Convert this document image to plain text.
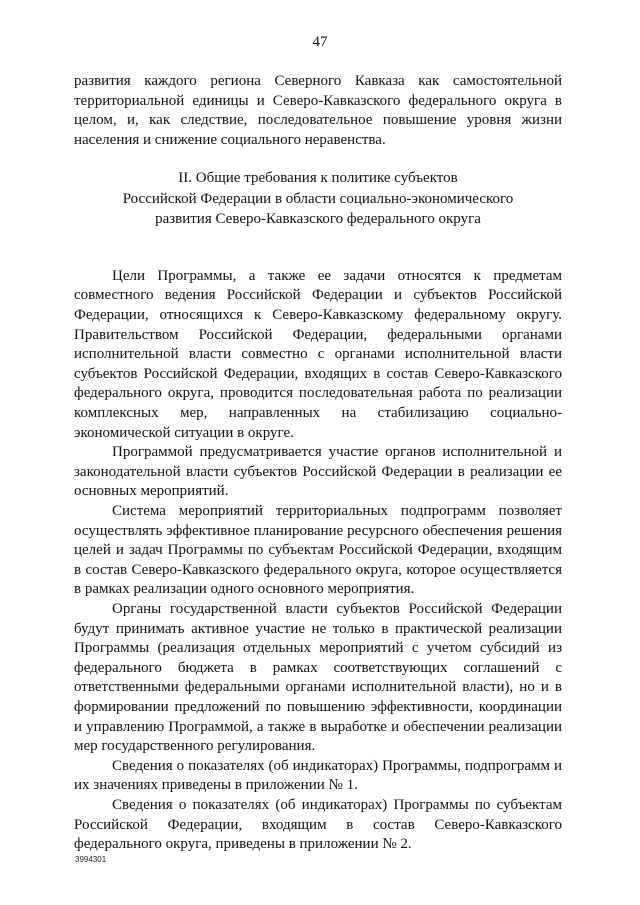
47

развития каждого региона Северного Кавказа как самостоятельной территориальной единицы и Северо-Кавказского федерального округа в целом, и, как следствие, последовательное повышение уровня жизни населения и снижение социального неравенства.

II. Общие требования к политике субъектов
Российской Федерации в области социально-экономического
развития Северо-Кавказского федерального округа

Цели Программы, а также ее задачи относятся к предметам совместного ведения Российской Федерации и субъектов Российской Федерации, относящихся к Северо-Кавказскому федеральному округу. Правительством Российской Федерации, федеральными органами исполнительной власти совместно с органами исполнительной власти субъектов Российской Федерации, входящих в состав Северо-Кавказского федерального округа, проводится последовательная работа по реализации комплексных мер, направленных на стабилизацию социально-экономической ситуации в округе.

Программой предусматривается участие органов исполнительной и законодательной власти субъектов Российской Федерации в реализации ее основных мероприятий.

Система мероприятий территориальных подпрограмм позволяет осуществлять эффективное планирование ресурсного обеспечения решения целей и задач Программы по субъектам Российской Федерации, входящим в состав Северо-Кавказского федерального округа, которое осуществляется в рамках реализации одного основного мероприятия.

Органы государственной власти субъектов Российской Федерации будут принимать активное участие не только в практической реализации Программы (реализация отдельных мероприятий с учетом субсидий из федерального бюджета в рамках соответствующих соглашений с ответственными федеральными органами исполнительной власти), но и в формировании предложений по повышению эффективности, координации и управлению Программой, а также в выработке и обеспечении реализации мер государственного регулирования.

Сведения о показателях (об индикаторах) Программы, подпрограмм и их значениях приведены в приложении № 1.

Сведения о показателях (об индикаторах) Программы по субъектам Российской Федерации, входящим в состав Северо-Кавказского федерального округа, приведены в приложении № 2.

3994301
